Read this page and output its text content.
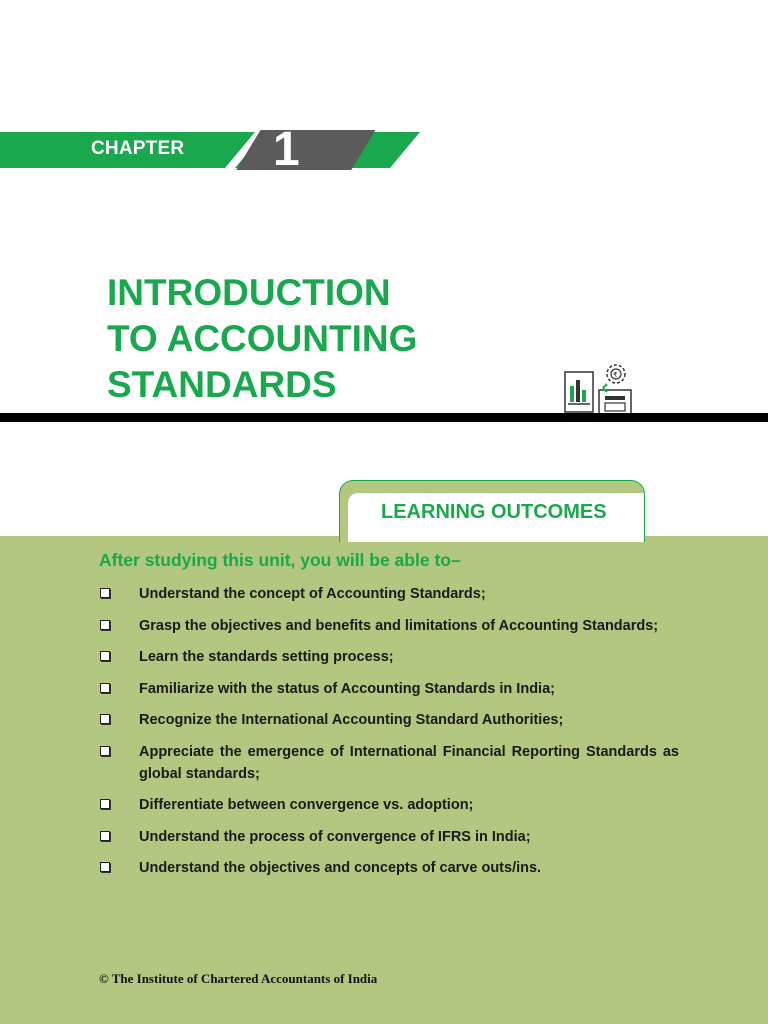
CHAPTER 1
INTRODUCTION
TO ACCOUNTING
STANDARDS	₹
LEARNING OUTCOMES
After studying this unit, you will be able to–
Understand the concept of Accounting Standards;
Grasp the objectives and benefits and limitations of Accounting Standards;
Learn the standards setting process;
Familiarize with the status of Accounting Standards in India;
Recognize the International Accounting Standard Authorities;
Appreciate the emergence of International Financial Reporting Standards as global standards;
Differentiate between convergence vs. adoption;
Understand the process of convergence of IFRS in India;
Understand the objectives and concepts of carve outs/ins.
© The Institute of Chartered Accountants of India
